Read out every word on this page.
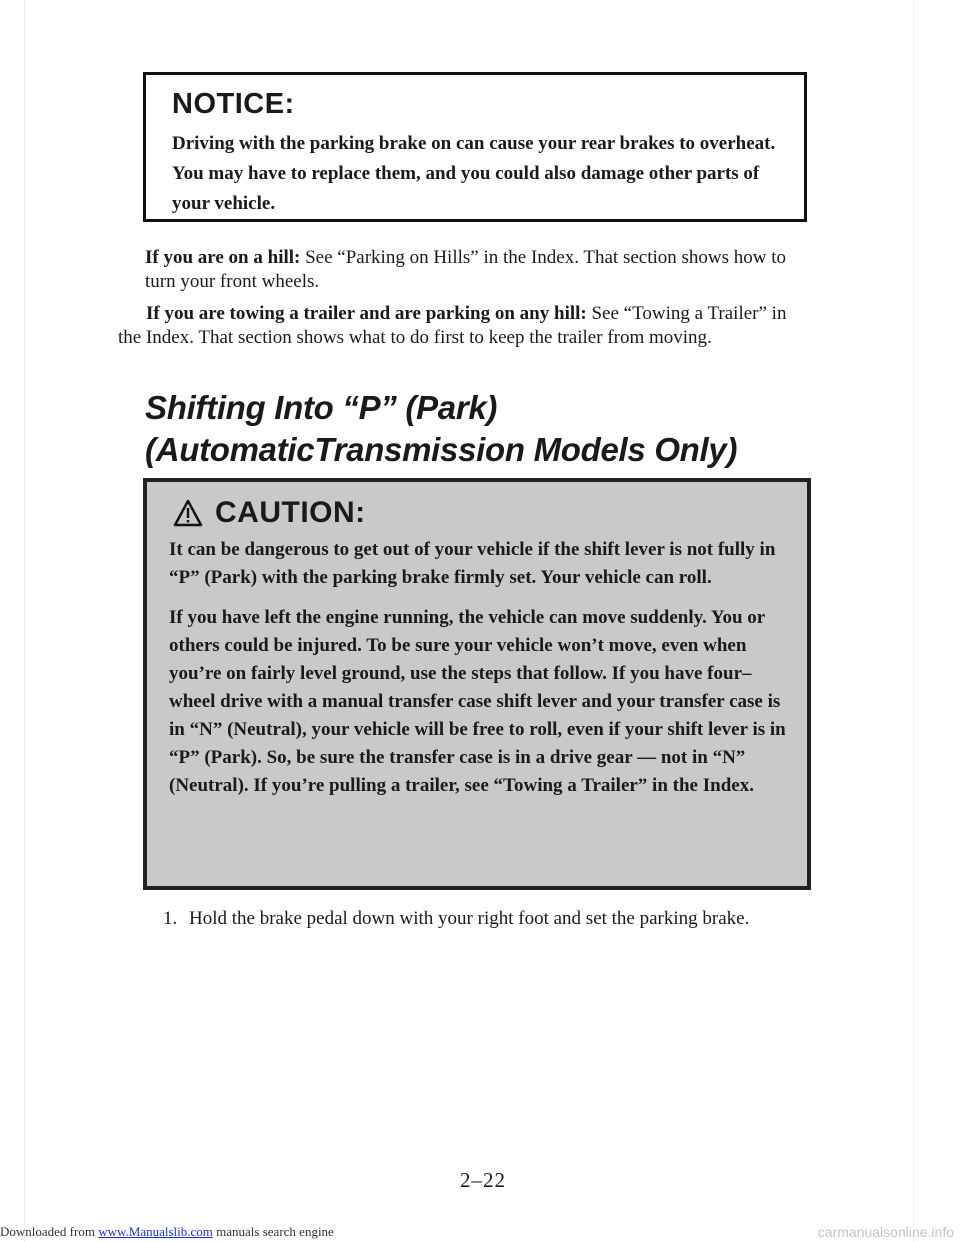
NOTICE:

Driving with the parking brake on can cause your rear brakes to overheat. You may have to replace them, and you could also damage other parts of your vehicle.

If you are on a hill: See “Parking on Hills” in the Index. That section shows how to turn your front wheels.

If you are towing a trailer and are parking on any hill: See “Towing a Trailer” in the Index. That section shows what to do first to keep the trailer from moving.

Shifting Into “P” (Park)
(AutomaticTransmission Models Only)
CAUTION:

It can be dangerous to get out of your vehicle if the shift lever is not fully in “P” (Park) with the parking brake firmly set. Your vehicle can roll.

If you have left the engine running, the vehicle can move suddenly. You or others could be injured. To be sure your vehicle won’t move, even when you’re on fairly level ground, use the steps that follow. If you have four–wheel drive with a manual transfer case shift lever and your transfer case is in “N” (Neutral), your vehicle will be free to roll, even if your shift lever is in “P” (Park). So, be sure the transfer case is in a drive gear — not in “N” (Neutral). If you’re pulling a trailer, see “Towing a Trailer” in the Index.

1. Hold the brake pedal down with your right foot and set the parking brake.
2–22
Downloaded from www.Manualslib.com manuals search engine	carmanualsonline.info
